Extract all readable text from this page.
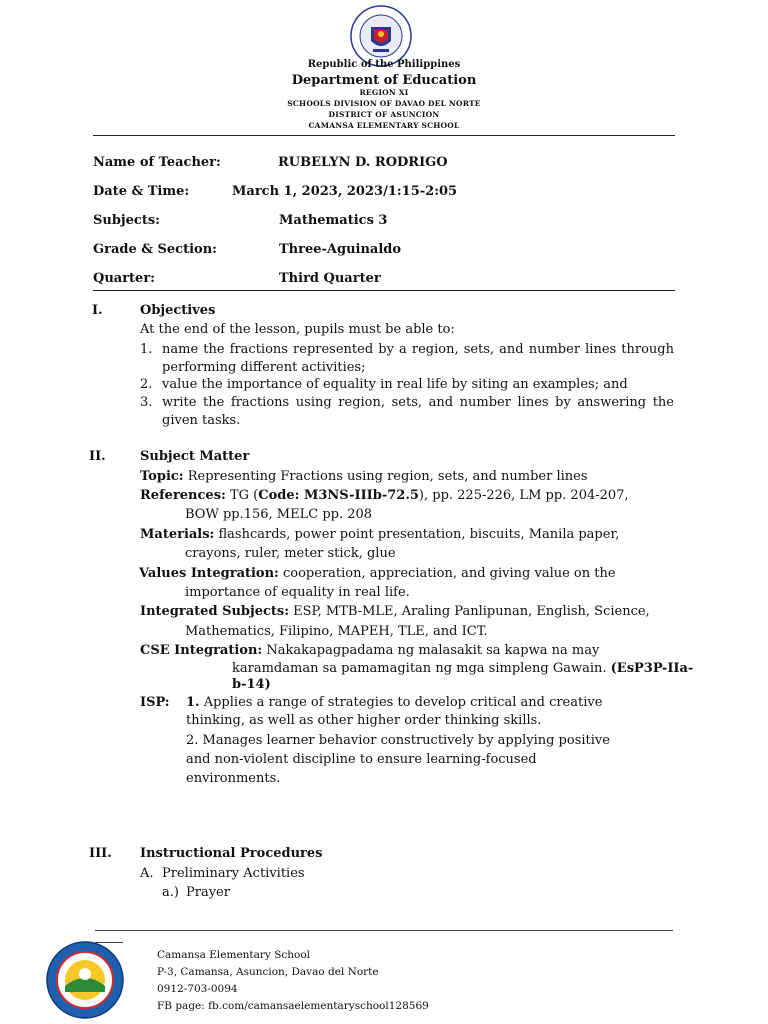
Republic of the Philippines
Department of Education
REGION XI
SCHOOLS DIVISION OF DAVAO DEL NORTE
DISTRICT OF ASUNCION
CAMANSA ELEMENTARY SCHOOL
Name of Teacher:	RUBELYN D. RODRIGO
Date & Time:	March 1, 2023, 2023/1:15-2:05
Subjects:	Mathematics 3
Grade & Section:	Three-Aguinaldo
Quarter:	Third Quarter
I.	Objectives
At the end of the lesson, pupils must be able to:
1. name the fractions represented by a region, sets, and number lines through performing different activities;
2. value the importance of equality in real life by siting an examples; and
3. write the fractions using region, sets, and number lines by answering the given tasks.
II.	Subject Matter
Topic: Representing Fractions using region, sets, and number lines
References: TG (Code: M3NS-IIIb-72.5), pp. 225-226, LM pp. 204-207,
BOW pp.156, MELC pp. 208
Materials: flashcards, power point presentation, biscuits, Manila paper,
crayons, ruler, meter stick, glue
Values Integration: cooperation, appreciation, and giving value on the
importance of equality in real life.
Integrated Subjects: ESP, MTB-MLE, Araling Panlipunan, English, Science,
Mathematics, Filipino, MAPEH, TLE, and ICT.
CSE Integration: Nakakapagpadama ng malasakit sa kapwa na may
karamdaman sa pamamagitan ng mga simpleng Gawain. (EsP3P-IIa-
b-14)
ISP: 1. Applies a range of strategies to develop critical and creative
thinking, as well as other higher order thinking skills.
2. Manages learner behavior constructively by applying positive
and non-violent discipline to ensure learning-focused
environments.
III. Instructional Procedures
A. Preliminary Activities
a.) Prayer
Camansa Elementary School
P-3, Camansa, Asuncion, Davao del Norte
0912-703-0094
FB page: fb.com/camansaelementaryschool128569
